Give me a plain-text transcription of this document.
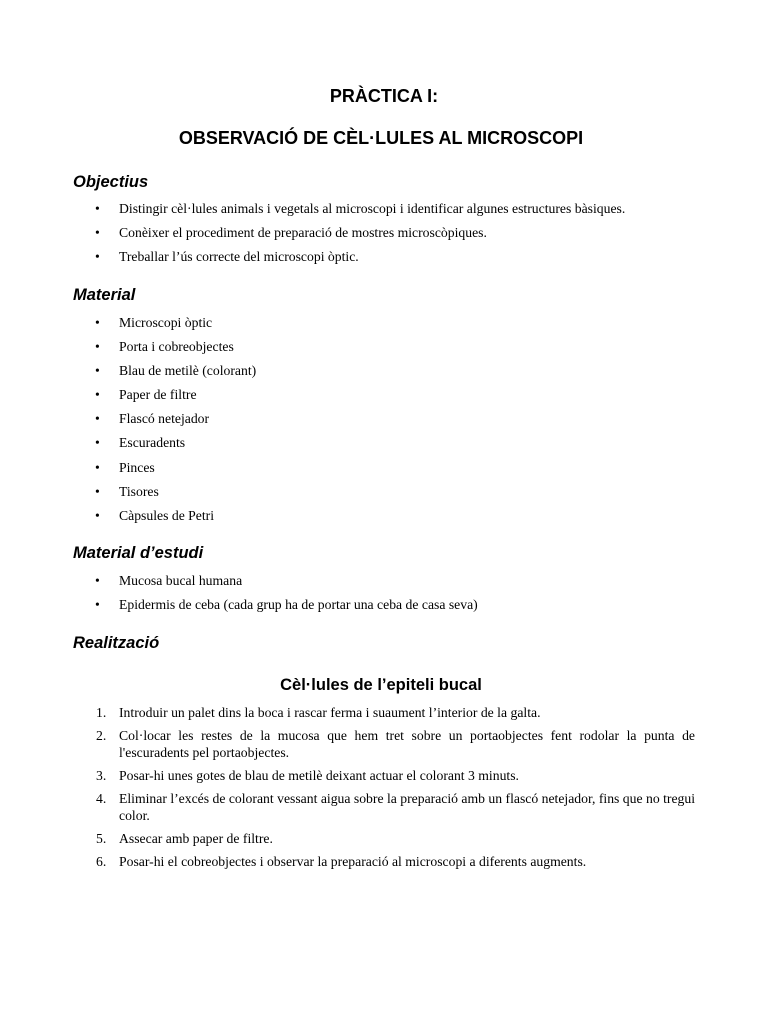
PRÀCTICA I:
OBSERVACIÓ DE CÈL·LULES AL MICROSCOPI
Objectius
• Distingir cèl·lules animals i vegetals al microscopi i identificar algunes estructures bàsiques.
• Conèixer el procediment de preparació de mostres microscòpiques.
• Treballar l’ús correcte del microscopi òptic.
Material
• Microscopi òptic
• Porta i cobreobjectes
• Blau de metilè (colorant)
• Paper de filtre
• Flascó netejador
• Escuradents
• Pinces
• Tisores
• Càpsules de Petri
Material d’estudi
• Mucosa bucal humana
• Epidermis de ceba (cada grup ha de portar una ceba de casa seva)
Realització
Cèl·lules de l’epiteli bucal
1. Introduir un palet dins la boca i rascar ferma i suaument l’interior de la galta.
2. Col·locar les restes de la mucosa que hem tret sobre un portaobjectes fent rodolar la punta de l'escuradents pel portaobjectes.
3. Posar-hi unes gotes de blau de metilè deixant actuar el colorant 3 minuts.
4. Eliminar l’excés de colorant vessant aigua sobre la preparació amb un flascó netejador, fins que no tregui color.
5. Assecar amb paper de filtre.
6. Posar-hi el cobreobjectes i observar la preparació al microscopi a diferents augments.
